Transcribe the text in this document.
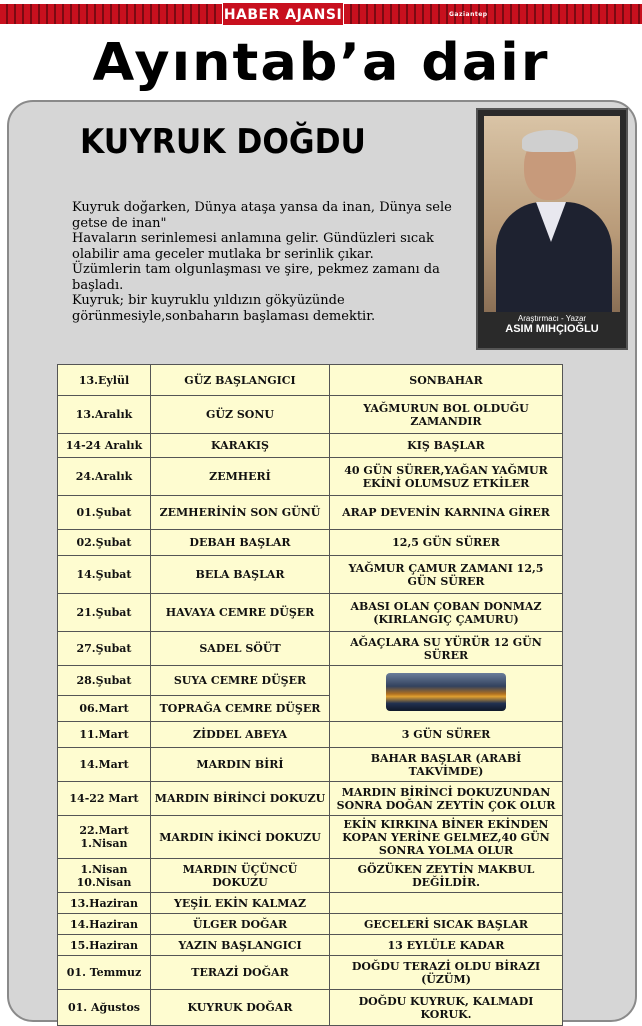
Gaziantep
HABER AJANSI
Ayıntab’a dair
KUYRUK DOĞDU

Kuyruk doğarken, Dünya ataşa yansa da inan, Dünya sele getse de inan"

Havaların serinlemesi anlamına gelir. Gündüzleri sıcak olabilir ama geceler mutlaka br serinlik çıkar.

Üzümlerin tam olgunlaşması ve şire, pekmez zamanı da başladı.

Kuyruk; bir kuyruklu yıldızın gökyüzünde görünmesiyle,sonbaharın başlaması demektir.	Araştırmacı - Yazar
ASIM MIHÇIOĞLU
13.Eylül	GÜZ BAŞLANGICI	SONBAHAR
13.Aralık	GÜZ SONU	YAĞMURUN BOL OLDUĞU ZAMANDIR
14-24 Aralık	KARAKIŞ	KIŞ BAŞLAR
24.Aralık	ZEMHERİ	40 GÜN SÜRER,YAĞAN YAĞMUR EKİNİ OLUMSUZ ETKİLER
01.Şubat	ZEMHERİNİN SON GÜNÜ	ARAP DEVENİN KARNINA GİRER
02.Şubat	DEBAH BAŞLAR	12,5 GÜN SÜRER
14.Şubat	BELA BAŞLAR	YAĞMUR ÇAMUR ZAMANI 12,5 GÜN SÜRER
21.Şubat	HAVAYA CEMRE DÜŞER	ABASI OLAN ÇOBAN DONMAZ (KIRLANGIÇ ÇAMURU)
27.Şubat	SADEL SÖÜT	AĞAÇLARA SU YÜRÜR 12 GÜN SÜRER
28.Şubat	SUYA CEMRE DÜŞER	
06.Mart	TOPRAĞA CEMRE DÜŞER	
11.Mart	ZİDDEL ABEYA	3 GÜN SÜRER
14.Mart	MARDIN BİRİ	BAHAR BAŞLAR (ARABİ TAKVİMDE)
14-22 Mart	MARDIN BİRİNCİ DOKUZU	MARDIN BİRİNCİ DOKUZUNDAN SONRA DOĞAN ZEYTİN ÇOK OLUR
22.Mart 1.Nisan	MARDIN İKİNCİ DOKUZU	EKİN KIRKINA BİNER EKİNDEN KOPAN YERİNE GELMEZ,40 GÜN SONRA YOLMA OLUR
1.Nisan 10.Nisan	MARDIN ÜÇÜNCÜ DOKUZU	GÖZÜKEN ZEYTİN MAKBUL DEĞİLDİR.
13.Haziran	YEŞİL EKİN KALMAZ	
14.Haziran	ÜLGER DOĞAR	GECELERİ SICAK BAŞLAR
15.Haziran	YAZIN BAŞLANGICI	13 EYLÜLE KADAR
01. Temmuz	TERAZİ DOĞAR	DOĞDU TERAZİ OLDU BİRAZI (ÜZÜM)
01. Ağustos	KUYRUK DOĞAR	DOĞDU KUYRUK, KALMADI KORUK.
